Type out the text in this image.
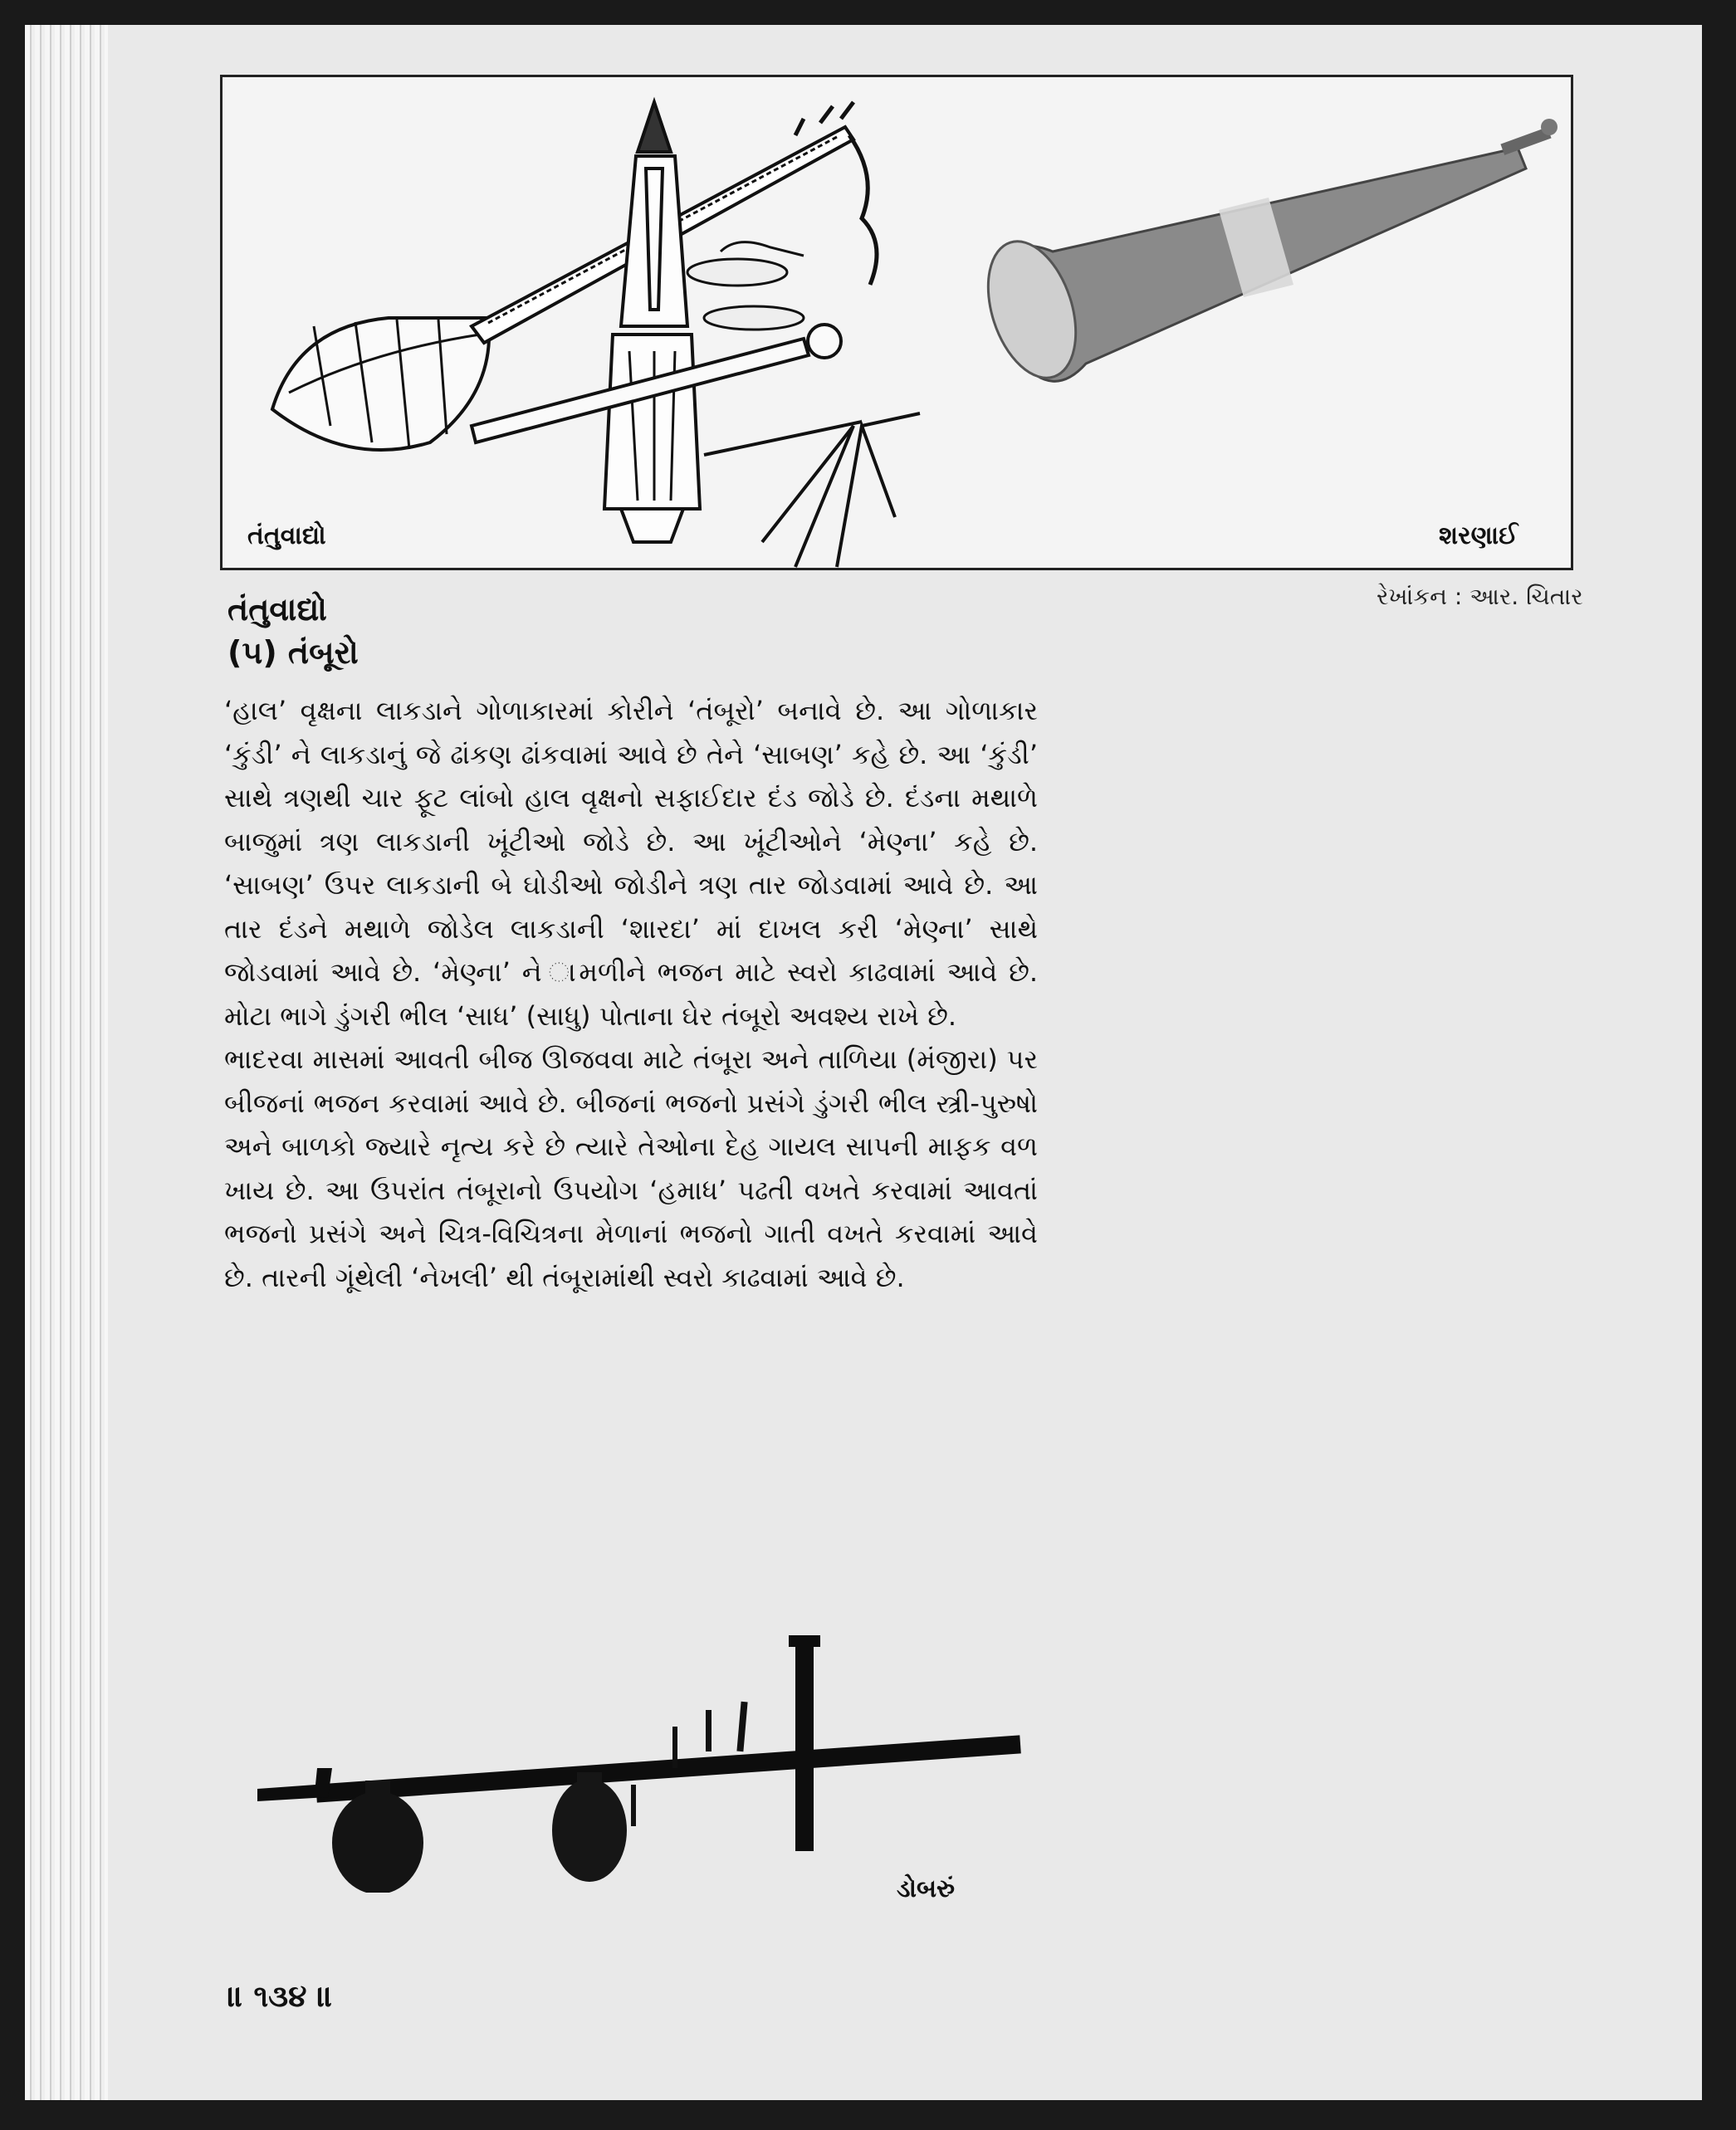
તંતુવાદ્યો	શરણાઈ
રેખાંકન : આર. ચિતાર
તંતુવાદ્યો
(૫) તંબૂરો

‘હાલ’ વૃક્ષના લાકડાને ગોળાકારમાં કોરીને ‘તંબૂરો’ બનાવે છે. આ ગોળાકાર ‘કુંડી’ ને લાકડાનું જે ઢાંકણ ઢાંકવામાં આવે છે તેને ‘સાબણ’ કહે છે. આ ‘કુંડી’ સાથે ત્રણથી ચાર ફૂટ લાંબો હાલ વૃક્ષનો સફાઈદાર દંડ જોડે છે. દંડના મથાળે બાજુમાં ત્રણ લાકડાની ખૂંટીઓ જોડે છે. આ ખૂંટીઓને ‘મેણ્ના’ કહે છે. ‘સાબણ’ ઉપર લાકડાની બે ઘોડીઓ જોડીને ત્રણ તાર જોડવામાં આવે છે. આ તાર દંડને મથાળે જોડેલ લાકડાની ‘શારદા’ માં દાખલ કરી ‘મેણ્ના’ સાથે જોડવામાં આવે છે. ‘મેણ્ના’ ને ામળીને ભજન માટે સ્વરો કાઢવામાં આવે છે. મોટા ભાગે ડુંગરી ભીલ ‘સાધ’ (સાધુ) પોતાના ઘેર તંબૂરો અવશ્ય રાખે છે.

ભાદરવા માસમાં આવતી બીજ ઊજવવા માટે તંબૂરા અને તાળિયા (મંજીરા) પર બીજનાં ભજન કરવામાં આવે છે. બીજનાં ભજનો પ્રસંગે ડુંગરી ભીલ સ્ત્રી-પુરુષો અને બાળકો જ્યારે નૃત્ય કરે છે ત્યારે તેઓના દેહ ગાયલ સાપની માફક વળ ખાય છે. આ ઉપરાંત તંબૂરાનો ઉપયોગ ‘હમાધ’ પઢતી વખતે કરવામાં આવતાં ભજનો પ્રસંગે અને ચિત્ર-વિચિત્રના મેળાનાં ભજનો ગાતી વખતે કરવામાં આવે છે. તારની ગૂંથેલી ‘નેખલી’ થી તંબૂરામાંથી સ્વરો કાઢવામાં આવે છે.

ડોબરું
॥ ૧૩૪ ॥
